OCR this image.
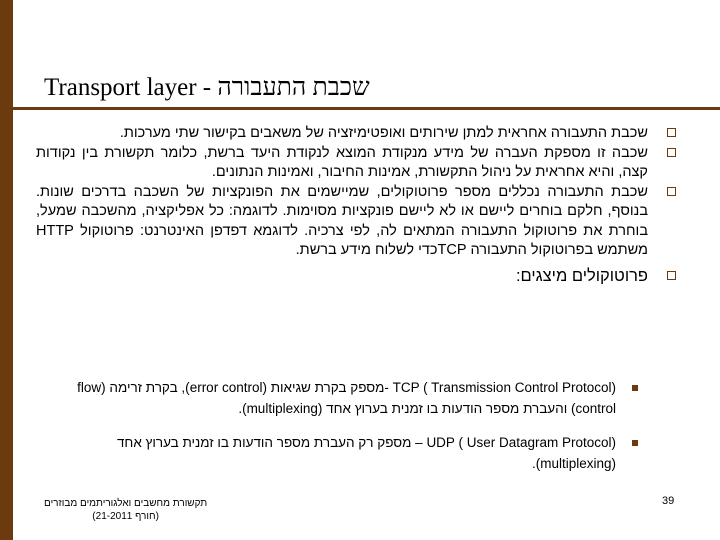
Transport layer - שכבת התעבורה
שכבת התעבורה אחראית למתן שירותים ואופטימיזציה של משאבים בקישור שתי מערכות.
שכבה זו מספקת העברה של מידע מנקודת המוצא לנקודת היעד ברשת, כלומר תקשורת בין נקודות קצה, והיא אחראית על ניהול התקשורת, אמינות החיבור, ואמינות הנתונים.
שכבת התעבורה נכללים מספר פרוטוקולים, שמיישמים את הפונקציות של השכבה בדרכים שונות. בנוסף, חלקם בוחרים ליישם או לא ליישם פונקציות מסוימות. לדוגמה: כל אפליקציה, מהשכבה שמעל, בוחרת את פרוטוקול התעבורה המתאים לה, לפי צרכיה. לדוגמא דפדפן האינטרנט: פרוטוקול HTTP משתמש בפרוטוקול התעבורה TCPכדי לשלוח מידע ברשת.
פרוטוקולים מיצגים:
TCP ( Transmission Control Protocol) -מספק בקרת שגיאות (error control), בקרת זרימה (flow control) והעברת מספר הודעות בו זמנית בערוץ אחד (multiplexing).
UDP ( User Datagram Protocol) – מספק רק העברת מספר הודעות בו זמנית בערוץ אחד (multiplexing).
תקשורת מחשבים ואלגוריתמים מבוזרים
(חורף 21-2011)
39
